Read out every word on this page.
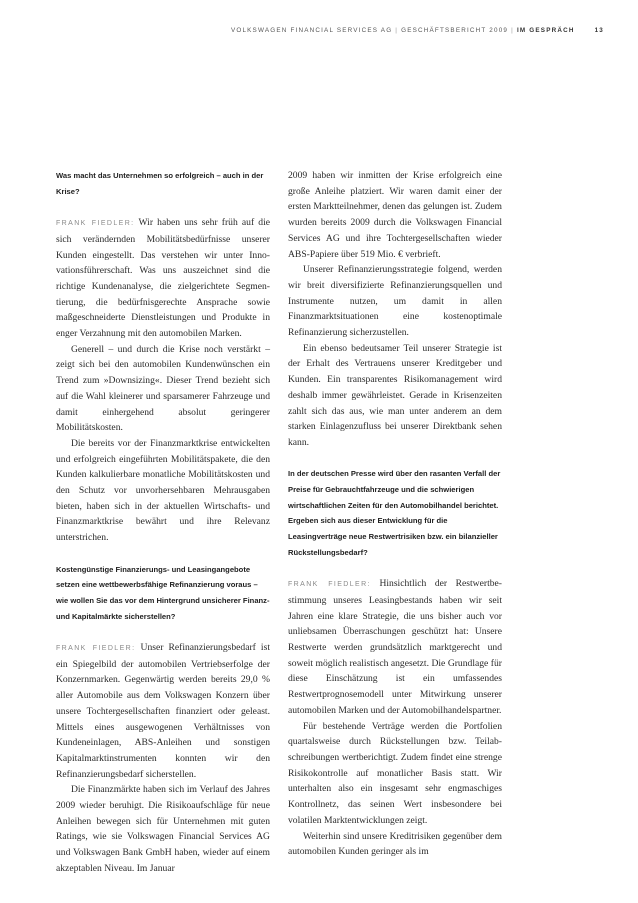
VOLKSWAGEN FINANCIAL SERVICES AG | GESCHÄFTSBERICHT 2009 | IM GESPRÄCH	13

Was macht das Unternehmen so erfolgreich – auch in der Krise?

FRANK FIEDLER: Wir haben uns sehr früh auf die sich verändernden Mobilitätsbedürfnisse unserer Kunden eingestellt. Das verstehen wir unter Innovationsführerschaft. Was uns auszeichnet sind die richtige Kundenanalyse, die zielgerichtete Segmentierung, die bedürfnisgerechte Ansprache sowie maßgeschneiderte Dienstleistungen und Produkte in enger Verzahnung mit den automobilen Marken.

Generell – und durch die Krise noch verstärkt – zeigt sich bei den automobilen Kundenwünschen ein Trend zum »Downsizing«. Dieser Trend bezieht sich auf die Wahl kleinerer und sparsamerer Fahrzeuge und damit einhergehend absolut geringerer Mobilitätskosten.

Die bereits vor der Finanzmarktkrise entwickelten und erfolgreich eingeführten Mobilitätspakete, die den Kunden kalkulierbare monatliche Mobilitätskosten und den Schutz vor unvorhersehbaren Mehrausgaben bieten, haben sich in der aktuellen Wirtschafts- und Finanzmarktkrise bewährt und ihre Relevanz unterstrichen.

Kostengünstige Finanzierungs- und Leasingangebote setzen eine wettbewerbsfähige Refinanzierung voraus – wie wollen Sie das vor dem Hintergrund unsicherer Finanz- und Kapitalmärkte sicherstellen?

FRANK FIEDLER: Unser Refinanzierungsbedarf ist ein Spiegelbild der automobilen Vertriebserfolge der Konzernmarken. Gegenwärtig werden bereits 29,0 % aller Automobile aus dem Volkswagen Konzern über unsere Tochtergesellschaften finanziert oder geleast. Mittels eines ausgewogenen Verhältnisses von Kundeneinlagen, ABS-Anleihen und sonstigen Kapitalmarktinstrumenten konnten wir den Refinanzierungsbedarf sicherstellen.

Die Finanzmärkte haben sich im Verlauf des Jahres 2009 wieder beruhigt. Die Risikoaufschläge für neue Anleihen bewegen sich für Unternehmen mit guten Ratings, wie sie Volkswagen Financial Services AG und Volkswagen Bank GmbH haben, wieder auf einem akzeptablen Niveau. Im Januar

2009 haben wir inmitten der Krise erfolgreich eine große Anleihe platziert. Wir waren damit einer der ersten Marktteilnehmer, denen das gelungen ist. Zudem wurden bereits 2009 durch die Volkswagen Financial Services AG und ihre Tochtergesellschaften wieder ABS-Papiere über 519 Mio. € verbrieft.

Unserer Refinanzierungsstrategie folgend, werden wir breit diversifizierte Refinanzierungsquellen und Instrumente nutzen, um damit in allen Finanzmarktsituationen eine kostenoptimale Refinanzierung sicherzustellen.

Ein ebenso bedeutsamer Teil unserer Strategie ist der Erhalt des Vertrauens unserer Kreditgeber und Kunden. Ein transparentes Risikomanagement wird deshalb immer gewährleistet. Gerade in Krisenzeiten zahlt sich das aus, wie man unter anderem an dem starken Einlagenzufluss bei unserer Direktbank sehen kann.

In der deutschen Presse wird über den rasanten Verfall der Preise für Gebrauchtfahrzeuge und die schwierigen wirtschaftlichen Zeiten für den Automobilhandel berichtet. Ergeben sich aus dieser Entwicklung für die Leasingverträge neue Restwertrisiken bzw. ein bilanzieller Rückstellungsbedarf?

FRANK FIEDLER: Hinsichtlich der Restwertbestimmung unseres Leasingbestands haben wir seit Jahren eine klare Strategie, die uns bisher auch vor unliebsamen Überraschungen geschützt hat: Unsere Restwerte werden grundsätzlich marktgerecht und soweit möglich realistisch angesetzt. Die Grundlage für diese Einschätzung ist ein umfassendes Restwertprognosemodell unter Mitwirkung unserer automobilen Marken und der Automobilhandelspartner.

Für bestehende Verträge werden die Portfolien quartalsweise durch Rückstellungen bzw. Teilabschreibungen wertberichtigt. Zudem findet eine strenge Risikokontrolle auf monatlicher Basis statt. Wir unterhalten also ein insgesamt sehr engmaschiges Kontrollnetz, das seinen Wert insbesondere bei volatilen Marktentwicklungen zeigt.

Weiterhin sind unsere Kreditrisiken gegenüber dem automobilen Kunden geringer als im
